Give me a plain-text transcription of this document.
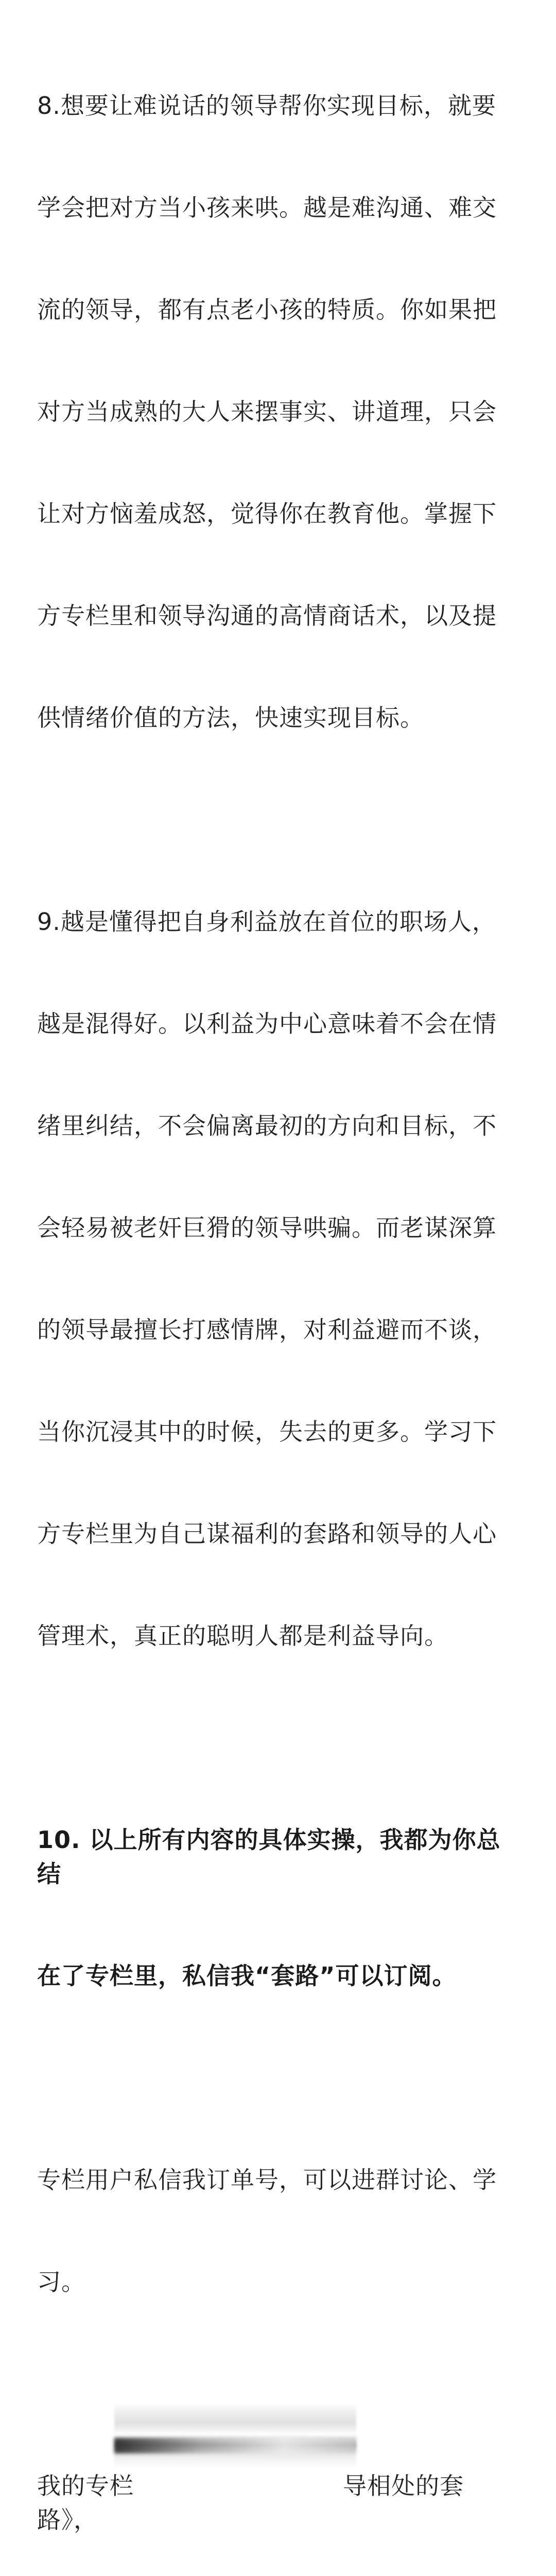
8.想要让难说话的领导帮你实现目标，就要

学会把对方当小孩来哄。越是难沟通、难交

流的领导，都有点老小孩的特质。你如果把

对方当成熟的大人来摆事实、讲道理，只会

让对方恼羞成怒，觉得你在教育他。掌握下

方专栏里和领导沟通的高情商话术，以及提

供情绪价值的方法，快速实现目标。

9.越是懂得把自身利益放在首位的职场人，

越是混得好。以利益为中心意味着不会在情

绪里纠结，不会偏离最初的方向和目标，不

会轻易被老奸巨猾的领导哄骗。而老谋深算

的领导最擅长打感情牌，对利益避而不谈，

当你沉浸其中的时候，失去的更多。学习下

方专栏里为自己谋福利的套路和领导的人心

管理术，真正的聪明人都是利益导向。

10. 以上所有内容的具体实操，我都为你总结

在了专栏里，私信我“套路”可以订阅。

专栏用户私信我订单号，可以进群讨论、学

习。

我的专栏                          导相处的套路》，
